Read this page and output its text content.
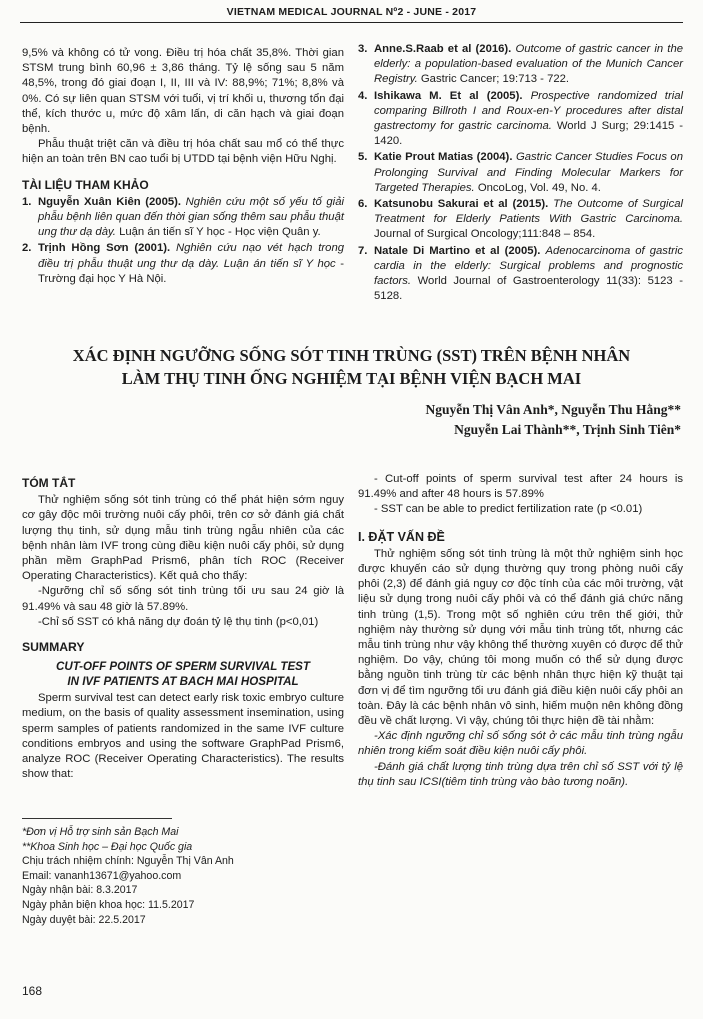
VIETNAM MEDICAL JOURNAL Nº2 - JUNE - 2017

9,5% và không có tử vong. Điều trị hóa chất 35,8%. Thời gian STSM trung bình 60,96 ± 3,86 tháng. Tỷ lệ sống sau 5 năm 48,5%, trong đó giai đoạn I, II, III và IV: 88,9%; 71%; 8,8% và 0%. Có sự liên quan STSM với tuổi, vị trí khối u, thương tổn đại thể, kích thước u, mức độ xâm lấn, di căn hạch và giai đoạn bệnh.

Phẫu thuật triệt căn và điều trị hóa chất sau mổ có thể thực hiện an toàn trên BN cao tuổi bị UTDD tại bệnh viện Hữu Nghị.

TÀI LIỆU THAM KHẢO
1. Nguyễn Xuân Kiên (2005). Nghiên cứu một số yếu tố giải phẫu bệnh liên quan đến thời gian sống thêm sau phẫu thuật ung thư dạ dày. Luận án tiến sĩ Y học - Học viện Quân y.
2. Trịnh Hồng Sơn (2001). Nghiên cứu nạo vét hạch trong điều trị phẫu thuật ung thư dạ dày. Luận án tiến sĩ Y học - Trường đại học Y Hà Nội.
3. Anne.S.Raab et al (2016). Outcome of gastric cancer in the elderly: a population-based evaluation of the Munich Cancer Registry. Gastric Cancer; 19:713 - 722.
4. Ishikawa M. Et al (2005). Prospective randomized trial comparing Billroth I and Roux-en-Y procedures after distal gastrectomy for gastric carcinoma. World J Surg; 29:1415 - 1420.
5. Katie Prout Matias (2004). Gastric Cancer Studies Focus on Prolonging Survival and Finding Molecular Markers for Targeted Therapies. OncoLog, Vol. 49, No. 4.
6. Katsunobu Sakurai et al (2015). The Outcome of Surgical Treatment for Elderly Patients With Gastric Carcinoma. Journal of Surgical Oncology;111:848 – 854.
7. Natale Di Martino et al (2005). Adenocarcinoma of gastric cardia in the elderly: Surgical problems and prognostic factors. World Journal of Gastroenterology 11(33): 5123 - 5128.
XÁC ĐỊNH NGƯỠNG SỐNG SÓT TINH TRÙNG (SST) TRÊN BỆNH NHÂN
LÀM THỤ TINH ỐNG NGHIỆM TẠI BỆNH VIỆN BẠCH MAI
Nguyễn Thị Vân Anh*, Nguyễn Thu Hằng**
Nguyễn Lai Thành**, Trịnh Sinh Tiên*
TÓM TẮT

Thử nghiệm sống sót tinh trùng có thể phát hiện sớm nguy cơ gây độc môi trường nuôi cấy phôi, trên cơ sở đánh giá chất lượng thụ tinh, sử dụng mẫu tinh trùng ngẫu nhiên của các bệnh nhân làm IVF trong cùng điều kiện nuôi cấy phôi, sử dụng phần mềm GraphPad Prism6, phân tích ROC (Receiver Operating Characteristics). Kết quả cho thấy:

-Ngưỡng chỉ số sống sót tinh trùng tối ưu sau 24 giờ là 91.49% và sau 48 giờ là 57.89%.

-Chỉ số SST có khả năng dự đoán tỷ lệ thụ tinh (p<0,01)

SUMMARY
CUT-OFF POINTS OF SPERM SURVIVAL TEST
IN IVF PATIENTS AT BACH MAI HOSPITAL

Sperm survival test can detect early risk toxic embryo culture medium, on the basis of quality assessment insemination, using sperm samples of patients randomized in the same IVF culture conditions embryos and using the software GraphPad Prism6, analyze ROC (Receiver Operating Characteristics). The results show that:

- Cut-off points of sperm survival test after 24 hours is 91.49% and after 48 hours is 57.89%

- SST can be able to predict fertilization rate (p <0.01)

I. ĐẶT VẤN ĐỀ

Thử nghiệm sống sót tinh trùng là một thử nghiệm sinh học được khuyến cáo sử dụng thường quy trong phòng nuôi cấy phôi (2,3) để đánh giá nguy cơ độc tính của các môi trường, vật liệu sử dụng trong nuôi cấy phôi và có thể đánh giá chức năng tinh trùng (1,5). Trong một số nghiên cứu trên thế giới, thử nghiệm này thường sử dụng với mẫu tinh trùng tốt, nhưng các mẫu tinh trùng như vậy không thể thường xuyên có được để thử nghiệm. Do vậy, chúng tôi mong muốn có thể sử dụng được bằng nguồn tinh trùng từ các bệnh nhân thực hiện kỹ thuật tại đơn vị để tìm ngưỡng tối ưu đánh giá điều kiện nuôi cấy phôi an toàn. Đây là các bệnh nhân vô sinh, hiếm muộn nên không đồng đều về chất lượng. Vì vậy, chúng tôi thực hiện đề tài nhằm:

-Xác định ngưỡng chỉ số sống sót ở các mẫu tinh trùng ngẫu nhiên trong kiểm soát điều kiện nuôi cấy phôi.

-Đánh giá chất lượng tinh trùng dựa trên chỉ số SST với tỷ lệ thụ tinh sau ICSI(tiêm tinh trùng vào bào tương noãn).

*Đơn vị Hỗ trợ sinh sản Bạch Mai
**Khoa Sinh học – Đại học Quốc gia
Chịu trách nhiệm chính: Nguyễn Thị Vân Anh
Email: vananh13671@yahoo.com
Ngày nhận bài: 8.3.2017
Ngày phản biện khoa học: 11.5.2017
Ngày duyệt bài: 22.5.2017
168
